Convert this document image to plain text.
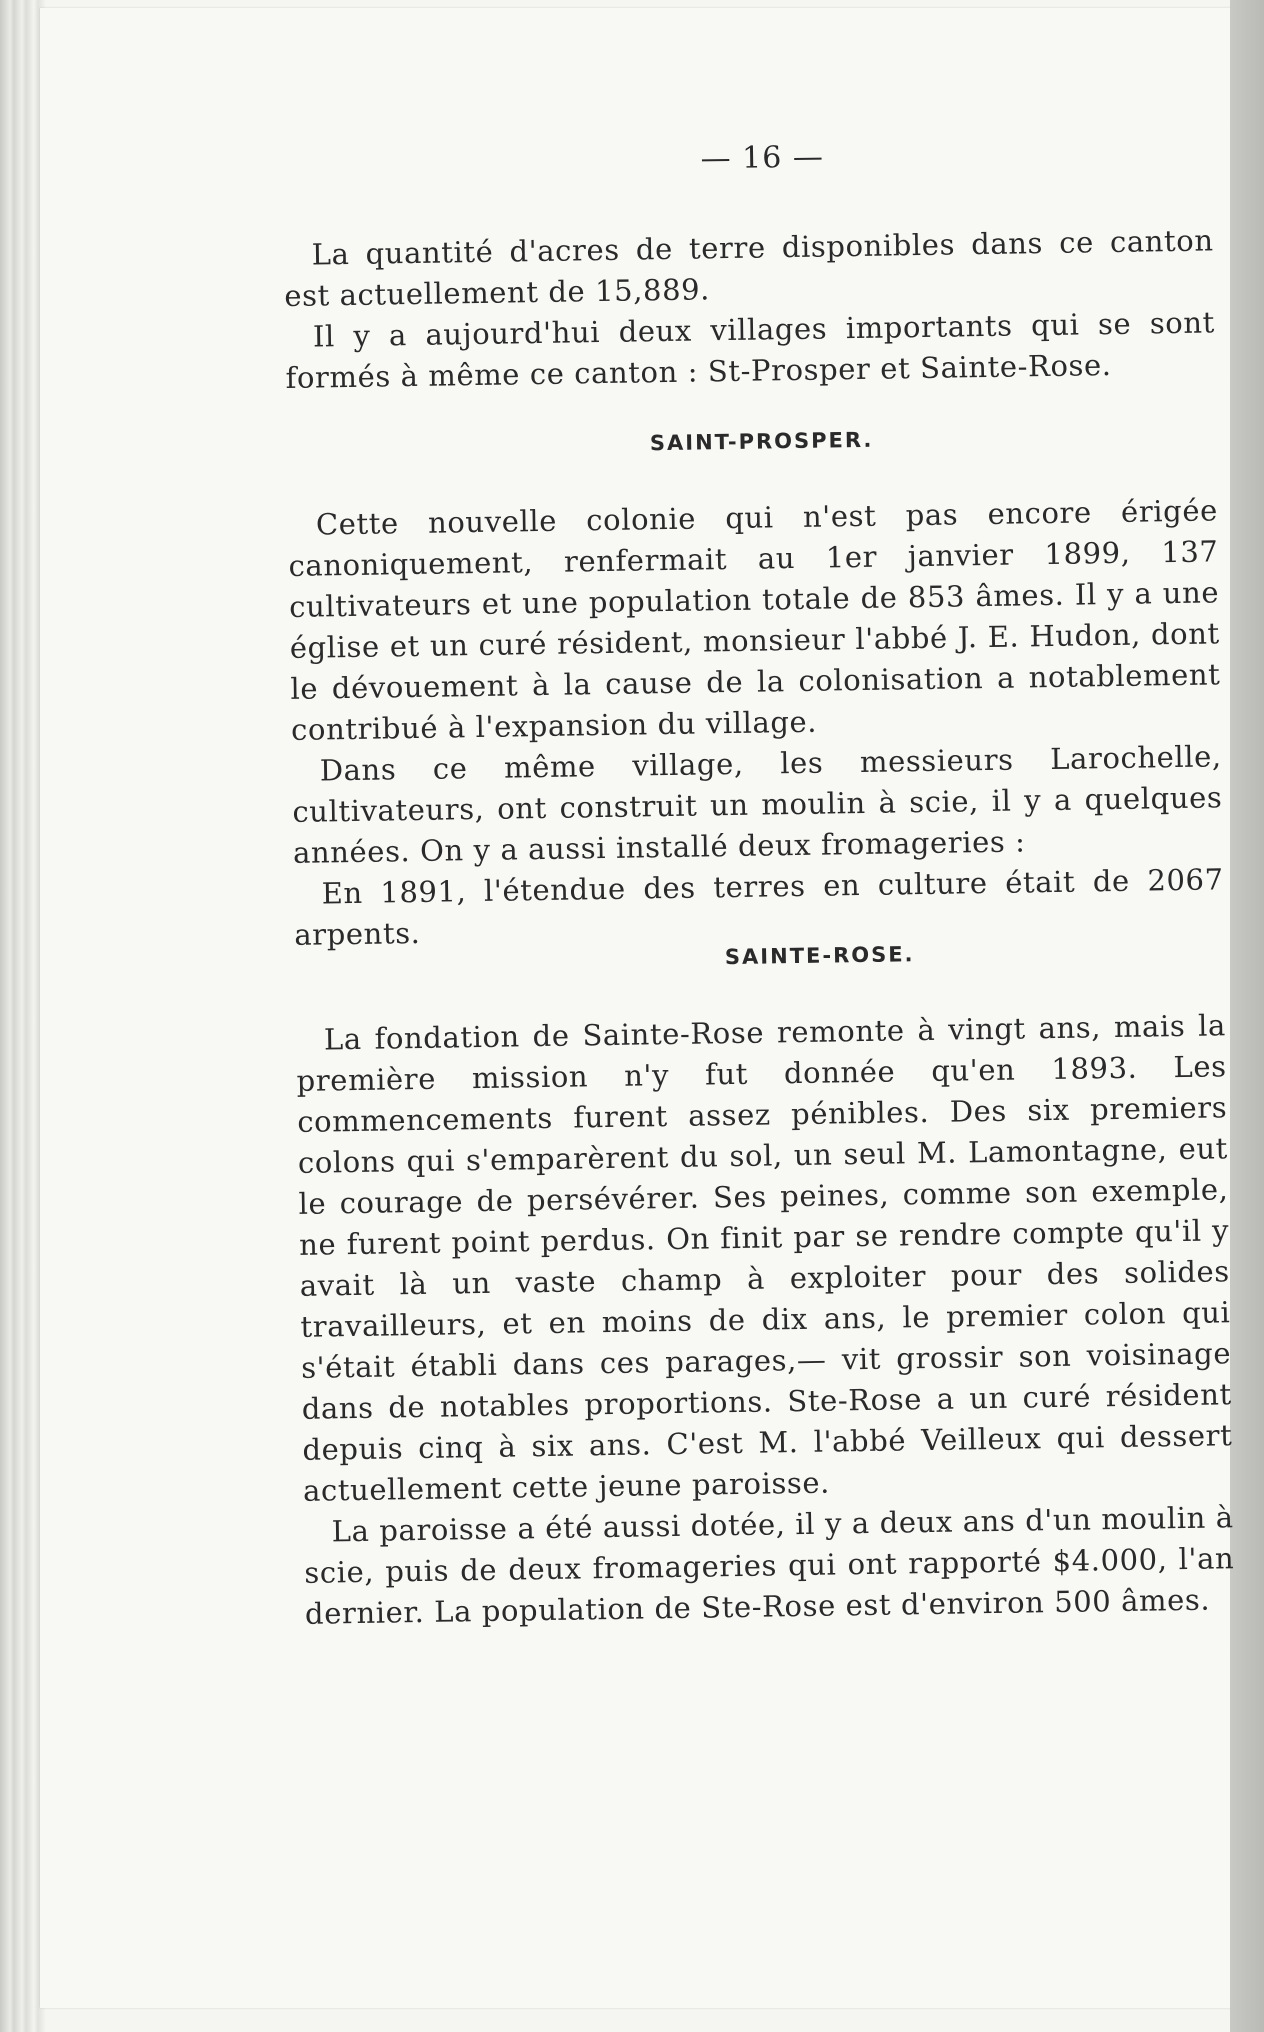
— 16 —

La quantité d'acres de terre disponibles dans ce canton est actuellement de 15,889.

Il y a aujourd'hui deux villages importants qui se sont formés à même ce canton : St-Prosper et Sainte-Rose.

SAINT-PROSPER.

Cette nouvelle colonie qui n'est pas encore érigée canoniquement, renfermait au 1er janvier 1899, 137 cultivateurs et une population totale de 853 âmes. Il y a une église et un curé résident, monsieur l'abbé J. E. Hudon, dont le dévouement à la cause de la colonisation a notablement contribué à l'expansion du village.

Dans ce même village, les messieurs Larochelle, cultivateurs, ont construit un moulin à scie, il y a quelques années. On y a aussi installé deux fromageries :

En 1891, l'étendue des terres en culture était de 2067 arpents.

SAINTE-ROSE.

La fondation de Sainte-Rose remonte à vingt ans, mais la première mission n'y fut donnée qu'en 1893. Les commencements furent assez pénibles. Des six premiers colons qui s'emparèrent du sol, un seul M. Lamontagne, eut le courage de persévérer. Ses peines, comme son exemple, ne furent point perdus. On finit par se rendre compte qu'il y avait là un vaste champ à exploiter pour des solides travailleurs, et en moins de dix ans, le premier colon qui s'était établi dans ces parages,— vit grossir son voisinage dans de notables proportions. Ste-Rose a un curé résident depuis cinq à six ans. C'est M. l'abbé Veilleux qui dessert actuellement cette jeune paroisse.

La paroisse a été aussi dotée, il y a deux ans d'un moulin à scie, puis de deux fromageries qui ont rapporté $4.000, l'an dernier. La population de Ste-Rose est d'environ 500 âmes.
